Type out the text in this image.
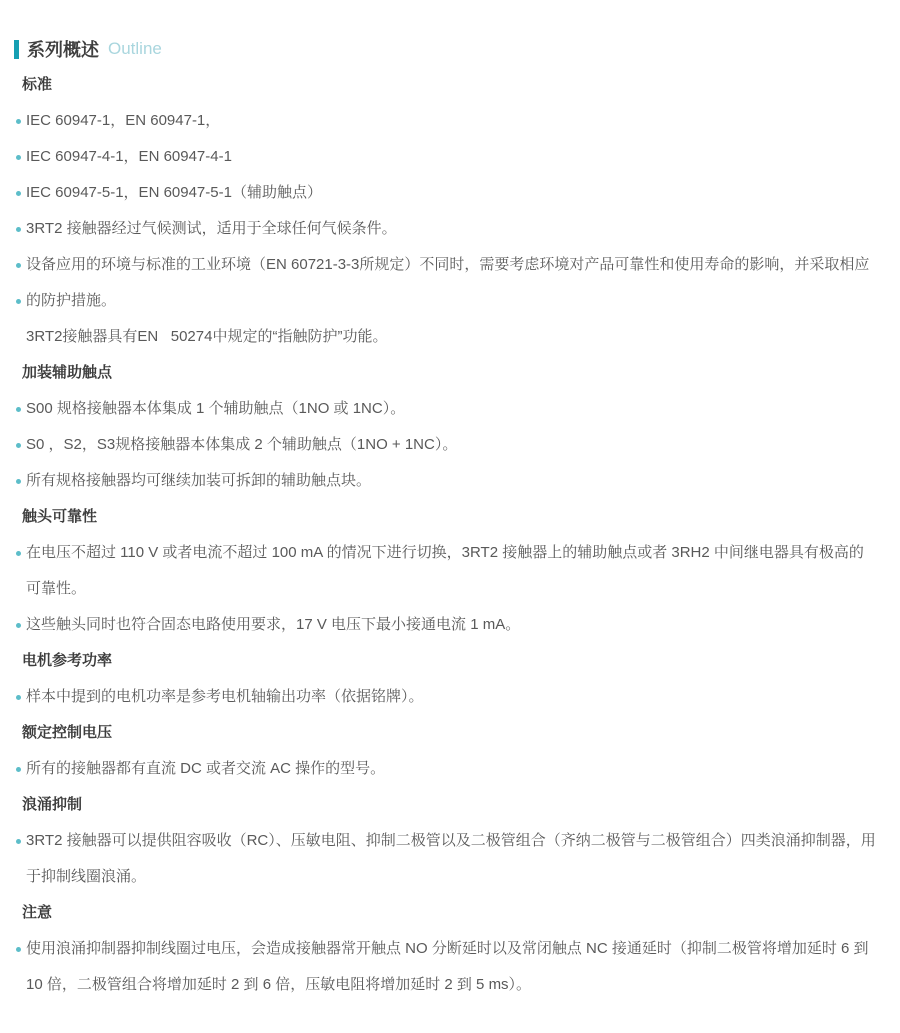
系列概述 Outline
标准
IEC 60947-1，EN 60947-1，
IEC 60947-4-1，EN 60947-4-1
IEC 60947-5-1，EN 60947-5-1（辅助触点）
3RT2 接触器经过气候测试，适用于全球任何气候条件。
设备应用的环境与标准的工业环境（EN 60721-3-3所规定）不同时，需要考虑环境对产品可靠性和使用寿命的影响，并采取相应
的防护措施。
3RT2接触器具有EN   50274中规定的“指触防护”功能。
加装辅助触点
S00 规格接触器本体集成 1 个辅助触点（1NO 或 1NC）。
S0 ，S2，S3规格接触器本体集成 2 个辅助触点（1NO + 1NC）。
所有规格接触器均可继续加装可拆卸的辅助触点块。
触头可靠性
在电压不超过 110 V 或者电流不超过 100 mA 的情况下进行切换，3RT2 接触器上的辅助触点或者 3RH2 中间继电器具有极高的
可靠性。
这些触头同时也符合固态电路使用要求，17 V 电压下最小接通电流 1 mA。
电机参考功率
样本中提到的电机功率是参考电机轴输出功率（依据铭牌）。
额定控制电压
所有的接触器都有直流 DC 或者交流 AC 操作的型号。
浪涌抑制
3RT2 接触器可以提供阻容吸收（RC）、压敏电阻、抑制二极管以及二极管组合（齐纳二极管与二极管组合）四类浪涌抑制器，用
于抑制线圈浪涌。
注意
使用浪涌抑制器抑制线圈过电压，会造成接触器常开触点 NO 分断延时以及常闭触点 NC 接通延时（抑制二极管将增加延时 6 到
10 倍，二极管组合将增加延时 2 到 6 倍，压敏电阻将增加延时 2 到 5 ms）。
